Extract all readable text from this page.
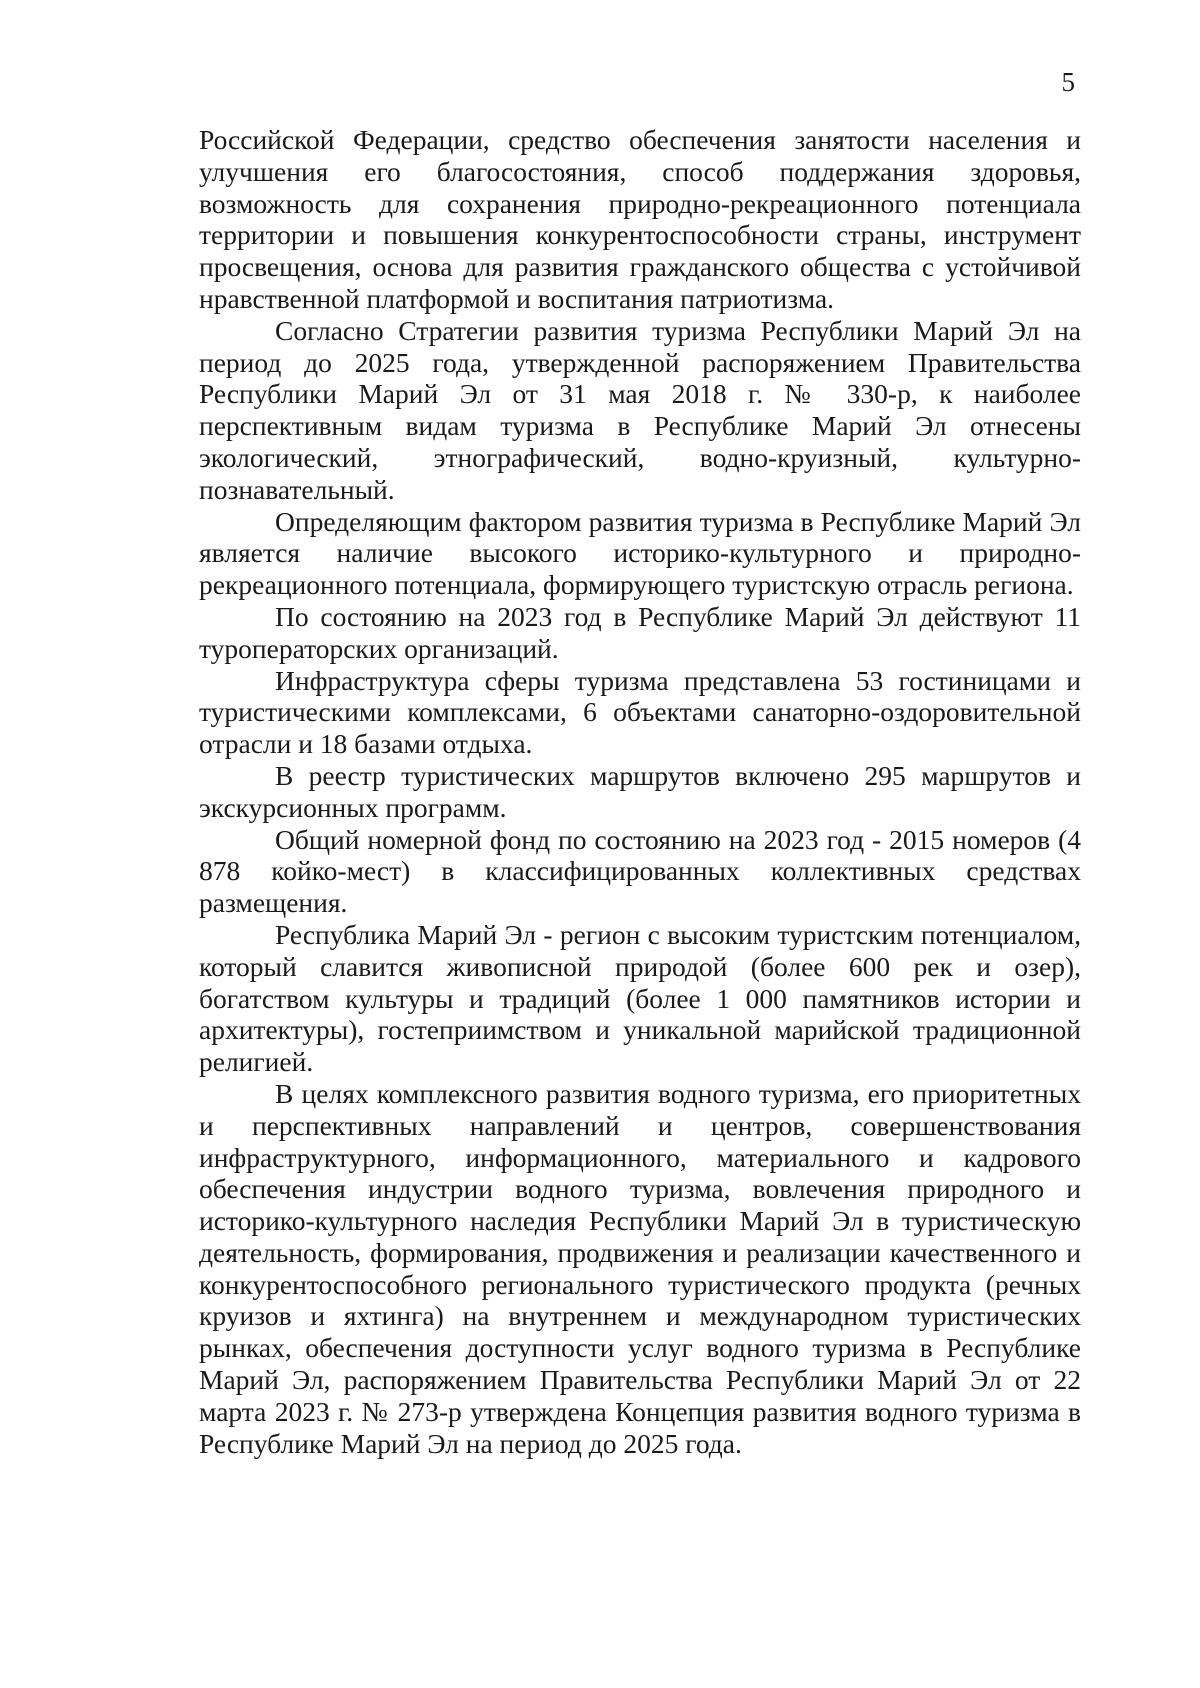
5

Российской Федерации, средство обеспечения занятости населения и улучшения его благосостояния, способ поддержания здоровья, возможность для сохранения природно-рекреационного потенциала территории и повышения конкурентоспособности страны, инструмент просвещения, основа для развития гражданского общества с устойчивой нравственной платформой и воспитания патриотизма.

Согласно Стратегии развития туризма Республики Марий Эл на период до 2025 года, утвержденной распоряжением Правительства Республики Марий Эл от 31 мая 2018 г. № 330-р, к наиболее перспективным видам туризма в Республике Марий Эл отнесены экологический, этнографический, водно-круизный, культурно-познавательный.

Определяющим фактором развития туризма в Республике Марий Эл является наличие высокого историко-культурного и природно-рекреационного потенциала, формирующего туристскую отрасль региона.

По состоянию на 2023 год в Республике Марий Эл действуют 11 туроператорских организаций.

Инфраструктура сферы туризма представлена 53 гостиницами и туристическими комплексами, 6 объектами санаторно-оздоровительной отрасли и 18 базами отдыха.

В реестр туристических маршрутов включено 295 маршрутов и экскурсионных программ.

Общий номерной фонд по состоянию на 2023 год - 2015 номеров (4 878 койко-мест) в классифицированных коллективных средствах размещения.

Республика Марий Эл - регион с высоким туристским потенциалом, который славится живописной природой (более 600 рек и озер), богатством культуры и традиций (более 1 000 памятников истории и архитектуры), гостеприимством и уникальной марийской традиционной религией.

В целях комплексного развития водного туризма, его приоритетных и перспективных направлений и центров, совершенствования инфраструктурного, информационного, материального и кадрового обеспечения индустрии водного туризма, вовлечения природного и историко-культурного наследия Республики Марий Эл в туристическую деятельность, формирования, продвижения и реализации качественного и конкурентоспособного регионального туристического продукта (речных круизов и яхтинга) на внутреннем и международном туристических рынках, обеспечения доступности услуг водного туризма в Республике Марий Эл, распоряжением Правительства Республики Марий Эл от 22 марта 2023 г. № 273-р утверждена Концепция развития водного туризма в Республике Марий Эл на период до 2025 года.
